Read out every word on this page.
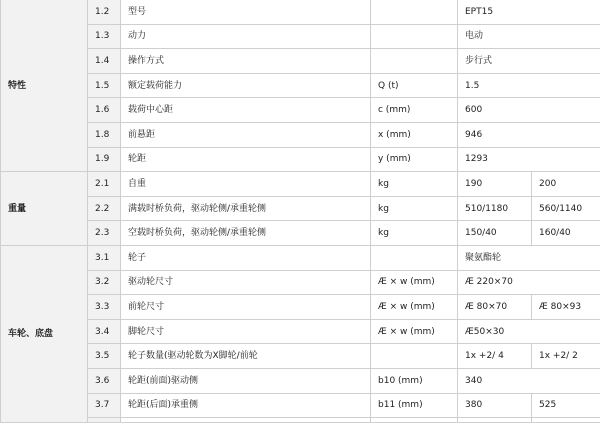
特性	1.2	型号		EPT15	
	1.3	动力		电动	
	1.4	操作方式		步行式	
	1.5	额定载荷能力	Q (t)	1.5	
	1.6	载荷中心距	c (mm)	600	
	1.8	前悬距	x (mm)	946	
	1.9	轮距	y (mm)	1293	
重量	2.1	自重	kg	190	200
	2.2	满载时桥负荷，驱动轮侧/承重轮侧	kg	510/1180	560/1140
	2.3	空载时桥负荷，驱动轮侧/承重轮侧	kg	150/40	160/40
车轮、底盘	3.1	轮子		聚氨酯轮	
	3.2	驱动轮尺寸	Æ × w (mm)	Æ 220×70	
	3.3	前轮尺寸	Æ × w (mm)	Æ 80×70	Æ 80×93
	3.4	脚轮尺寸	Æ × w (mm)	Æ50×30	
	3.5	轮子数量(驱动轮数为X脚轮/前轮		1x +2/ 4	1x +2/ 2
	3.6	轮距(前面)驱动侧	b10 (mm)	340	
	3.7	轮距(后面)承重侧	b11 (mm)	380	525
